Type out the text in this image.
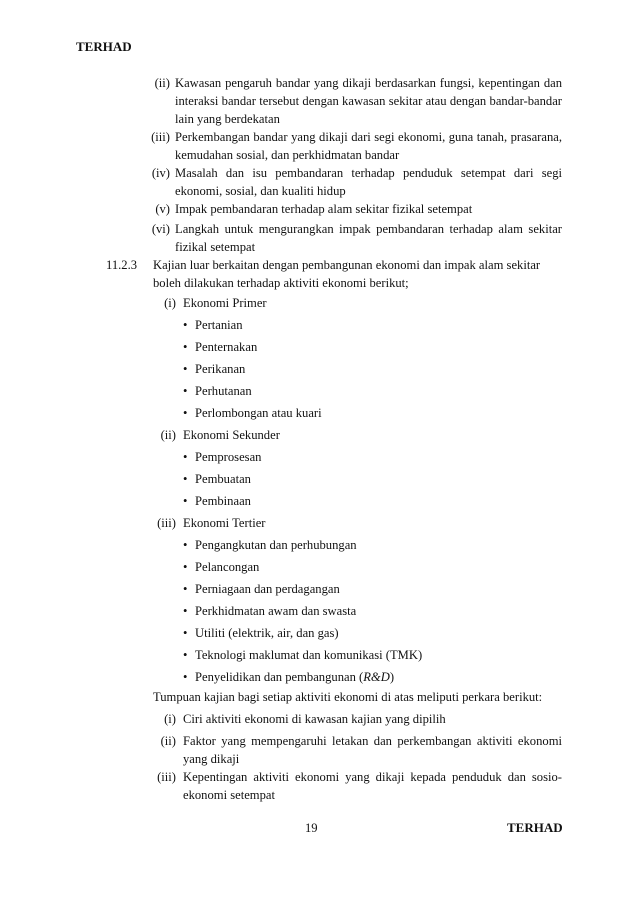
TERHAD
(ii) Kawasan pengaruh bandar yang dikaji berdasarkan fungsi, kepentingan dan interaksi bandar tersebut dengan kawasan sekitar atau dengan bandar-bandar lain yang berdekatan
(iii) Perkembangan bandar yang dikaji dari segi ekonomi, guna tanah, prasarana, kemudahan sosial, dan perkhidmatan bandar
(iv) Masalah dan isu pembandaran terhadap penduduk setempat dari segi ekonomi, sosial, dan kualiti hidup
(v) Impak pembandaran terhadap alam sekitar fizikal setempat
(vi) Langkah untuk mengurangkan impak pembandaran terhadap alam sekitar fizikal setempat
11.2.3 Kajian luar berkaitan dengan pembangunan ekonomi dan impak alam sekitar boleh dilakukan terhadap aktiviti ekonomi berikut;
(i) Ekonomi Primer
• Pertanian
• Penternakan
• Perikanan
• Perhutanan
• Perlombongan atau kuari
(ii) Ekonomi Sekunder
• Pemprosesan
• Pembuatan
• Pembinaan
(iii) Ekonomi Tertier
• Pengangkutan dan perhubungan
• Pelancongan
• Perniagaan dan perdagangan
• Perkhidmatan awam dan swasta
• Utiliti (elektrik, air, dan gas)
• Teknologi maklumat dan komunikasi (TMK)
• Penyelidikan dan pembangunan (R&D)
Tumpuan kajian bagi setiap aktiviti ekonomi di atas meliputi perkara berikut:
(i) Ciri aktiviti ekonomi di kawasan kajian yang dipilih
(ii) Faktor yang mempengaruhi letakan dan perkembangan aktiviti ekonomi yang dikaji
(iii) Kepentingan aktiviti ekonomi yang dikaji kepada penduduk dan sosio-ekonomi setempat
19	TERHAD
